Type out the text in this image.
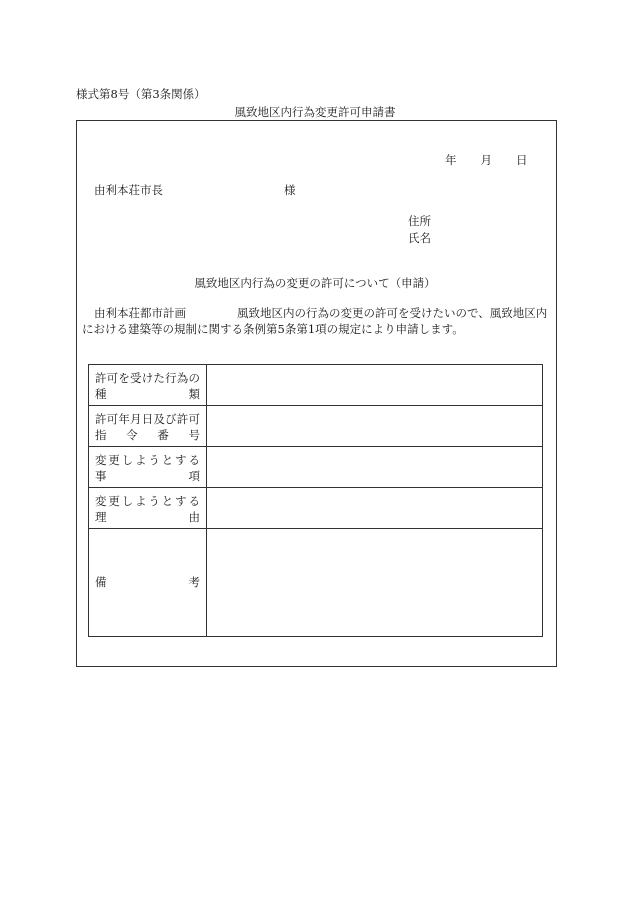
様式第8号（第3条関係）
風致地区内行為変更許可申請書
年 月 日
由利本荘市長	様
住所
氏名
風致地区内行為の変更の許可について（申請）
由利本荘都市計画	風致地区内の行為の変更の許可を受けたいので、風致地区内
における建築等の規制に関する条例第5条第1項の規定により申請します。
許可を受けた行為の
種 類	

許可年月日及び許可
指 令 番 号	

変更しようとする
事 項	

変更しようとする
理 由	

備 考	
